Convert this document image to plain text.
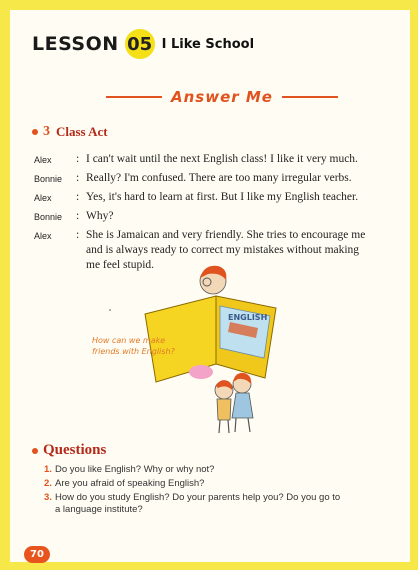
LESSON 05 I Like School
Answer Me
3 Class Act
Alex	: I can't wait until the next English class! I like it very much.
Bonnie	: Really? I'm confused. There are too many irregular verbs.
Alex	: Yes, it's hard to learn at first. But I like my English teacher.
Bonnie	: Why?
Alex	: She is Jamaican and very friendly. She tries to encourage me
and is always ready to correct my mistakes without making
me feel stupid.
ENGLISH
How can we make
friends with English?
Questions
1. Do you like English? Why or why not?
2. Are you afraid of speaking English?
3. How do you study English? Do your parents help you? Do you go to
a language institute?
70
